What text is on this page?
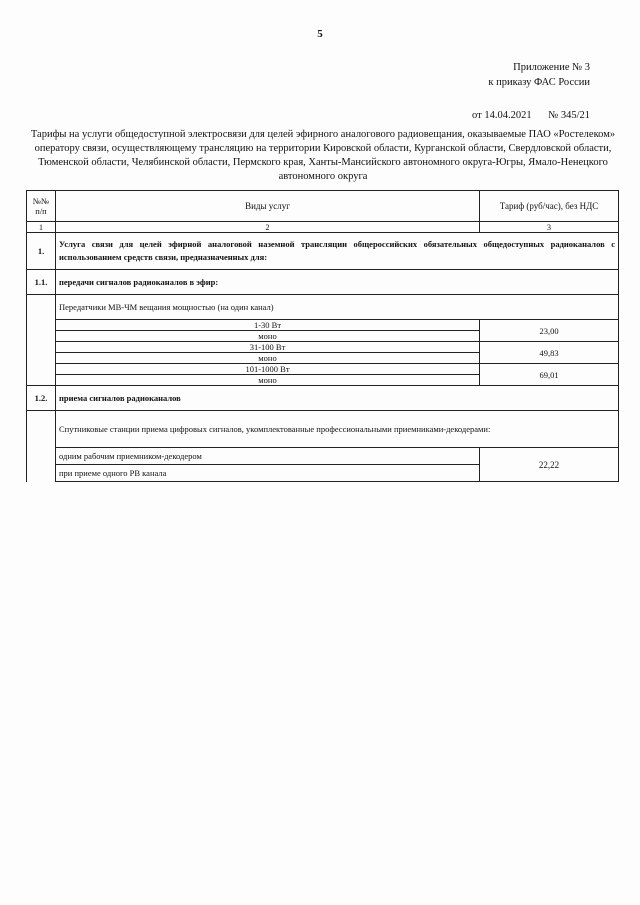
5
Приложение № 3
к приказу ФАС России
от 14.04.2021 № 345/21
Тарифы на услуги общедоступной электросвязи для целей эфирного аналогового радиовещания, оказываемые ПАО «Ростелеком» оператору связи, осуществляющему трансляцию на территории Кировской области, Курганской области, Свердловской области, Тюменской области, Челябинской области, Пермского края, Ханты-Мансийского автономного округа-Югры, Ямало-Ненецкого автономного округа
№№ п/п	Виды услуг	Тариф (руб/час), без НДС
1	2	3
1.	Услуга связи для целей эфирной аналоговой наземной трансляции общероссийских обязательных общедоступных радиоканалов с использованием средств связи, предназначенных для:	
1.1.	передачи сигналов радиоканалов в эфир:	
	Передатчики МВ-ЧМ вещания мощностью (на один канал)	
	1-30 Вт	23,00
	моно	
	31-100 Вт	49,83
	моно	
	101-1000 Вт	69,01
	моно	
1.2.	приема сигналов радиоканалов	
	Спутниковые станции приема цифровых сигналов, укомплектованные профессиональными приемниками-декодерами:	
	одним рабочим приемником-декодером	22,22
	при приеме одного РВ канала	
